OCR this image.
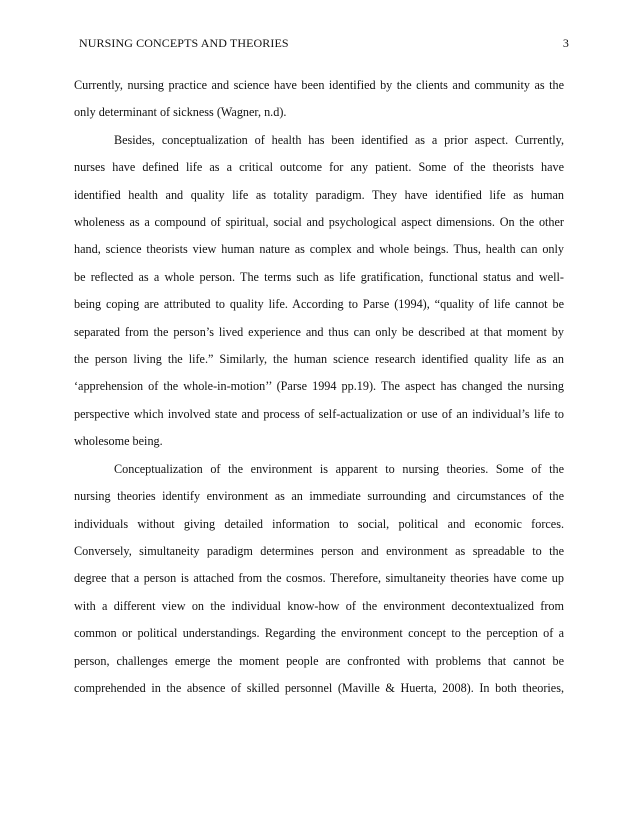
NURSING CONCEPTS AND THEORIES	3

Currently, nursing practice and science have been identified by the clients and community as the
only determinant of sickness (Wagner, n.d).

Besides, conceptualization of health has been identified as a prior aspect. Currently,
nurses have defined life as a critical outcome for any patient. Some of the theorists have
identified health and quality life as totality paradigm. They have identified life as human
wholeness as a compound of spiritual, social and psychological aspect dimensions. On the other
hand, science theorists view human nature as complex and whole beings. Thus, health can only
be reflected as a whole person. The terms such as life gratification, functional status and well-
being coping are attributed to quality life. According to Parse (1994), “quality of life cannot be
separated from the person’s lived experience and thus can only be described at that moment by
the person living the life.” Similarly, the human science research identified quality life as an
‘apprehension of the whole-in-motion’’ (Parse 1994 pp.19). The aspect has changed the nursing
perspective which involved state and process of self-actualization or use of an individual’s life to
wholesome being.

Conceptualization of the environment is apparent to nursing theories. Some of the
nursing theories identify environment as an immediate surrounding and circumstances of the
individuals without giving detailed information to social, political and economic forces.
Conversely, simultaneity paradigm determines person and environment as spreadable to the
degree that a person is attached from the cosmos. Therefore, simultaneity theories have come up
with a different view on the individual know-how of the environment decontextualized from
common or political understandings. Regarding the environment concept to the perception of a
person, challenges emerge the moment people are confronted with problems that cannot be
comprehended in the absence of skilled personnel (Maville & Huerta, 2008). In both theories,
